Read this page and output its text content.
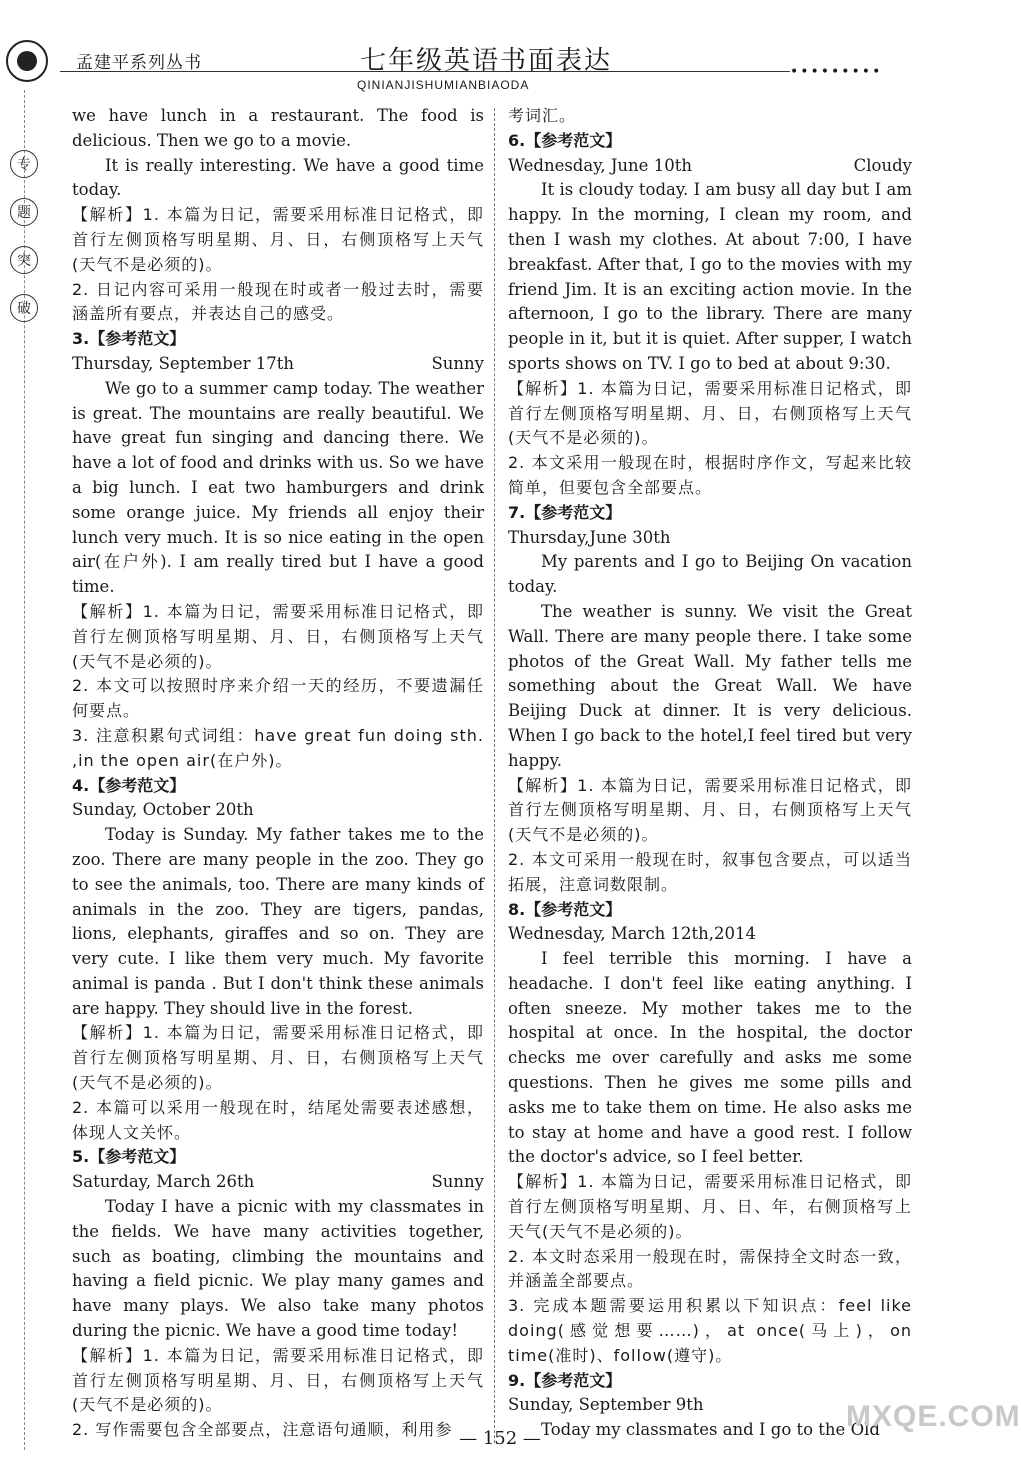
孟建平系列丛书	七年级英语书面表达
QINIANJISHUMIANBIAODA
•••••••••
专
题
突
破

we have lunch in a restaurant. The food is delicious. Then we go to a movie.

It is really interesting. We have a good time today.

【解析】1. 本篇为日记，需要采用标准日记格式，即首行左侧顶格写明星期、月、日，右侧顶格写上天气(天气不是必须的)。

2. 日记内容可采用一般现在时或者一般过去时，需要涵盖所有要点，并表达自己的感受。

3.【参考范文】

Thursday, September 17th	Sunny

We go to a summer camp today. The weather is great. The mountains are really beautiful. We have great fun singing and dancing there. We have a lot of food and drinks with us. So we have a big lunch. I eat two hamburgers and drink some orange juice. My friends all enjoy their lunch very much. It is so nice eating in the open air(在户外). I am really tired but I have a good time.

【解析】1. 本篇为日记，需要采用标准日记格式，即首行左侧顶格写明星期、月、日，右侧顶格写上天气(天气不是必须的)。

2. 本文可以按照时序来介绍一天的经历，不要遗漏任何要点。

3. 注意积累句式词组：have great fun doing sth. ,in the open air(在户外)。

4.【参考范文】

Sunday, October 20th

Today is Sunday. My father takes me to the zoo. There are many people in the zoo. They go to see the animals, too. There are many kinds of animals in the zoo. They are tigers, pandas, lions, elephants, giraffes and so on. They are very cute. I like them very much. My favorite animal is panda . But I don't think these animals are happy. They should live in the forest.

【解析】1. 本篇为日记，需要采用标准日记格式，即首行左侧顶格写明星期、月、日，右侧顶格写上天气(天气不是必须的)。

2. 本篇可以采用一般现在时，结尾处需要表述感想，体现人文关怀。

5.【参考范文】

Saturday, March 26th	Sunny

Today I have a picnic with my classmates in the fields. We have many activities together, such as boating, climbing the mountains and having a field picnic. We play many games and have many plays. We also take many photos during the picnic. We have a good time today!

【解析】1. 本篇为日记，需要采用标准日记格式，即首行左侧顶格写明星期、月、日，右侧顶格写上天气(天气不是必须的)。

2. 写作需要包含全部要点，注意语句通顺，利用参

考词汇。

6.【参考范文】

Wednesday, June 10th	Cloudy

It is cloudy today. I am busy all day but I am happy. In the morning, I clean my room, and then I wash my clothes. At about 7:00, I have breakfast. After that, I go to the movies with my friend Jim. It is an exciting action movie. In the afternoon, I go to the library. There are many people in it, but it is quiet. After supper, I watch sports shows on TV. I go to bed at about 9:30.

【解析】1. 本篇为日记，需要采用标准日记格式，即首行左侧顶格写明星期、月、日，右侧顶格写上天气(天气不是必须的)。

2. 本文采用一般现在时，根据时序作文，写起来比较简单，但要包含全部要点。

7.【参考范文】

Thursday,June 30th

My parents and I go to Beijing On vacation today.

The weather is sunny. We visit the Great Wall. There are many people there. I take some photos of the Great Wall. My father tells me something about the Great Wall. We have Beijing Duck at dinner. It is very delicious. When I go back to the hotel,I feel tired but very happy.

【解析】1. 本篇为日记，需要采用标准日记格式，即首行左侧顶格写明星期、月、日，右侧顶格写上天气(天气不是必须的)。

2. 本文可采用一般现在时，叙事包含要点，可以适当拓展，注意词数限制。

8.【参考范文】

Wednesday, March 12th,2014

I feel terrible this morning. I have a headache. I don't feel like eating anything. I often sneeze. My mother takes me to the hospital at once. In the hospital, the doctor checks me over carefully and asks me some questions. Then he gives me some pills and asks me to take them on time. He also asks me to stay at home and have a good rest. I follow the doctor's advice, so I feel better.

【解析】1. 本篇为日记，需要采用标准日记格式，即首行左侧顶格写明星期、月、日、年，右侧顶格写上天气(天气不是必须的)。

2. 本文时态采用一般现在时，需保持全文时态一致，并涵盖全部要点。

3. 完成本题需要运用积累以下知识点：feel like doing(感觉想要……)，at once(马上)，on time(准时)、follow(遵守)。

9.【参考范文】

Sunday, September 9th

Today my classmates and I go to the Old

— 152 —
MXQE.COM
